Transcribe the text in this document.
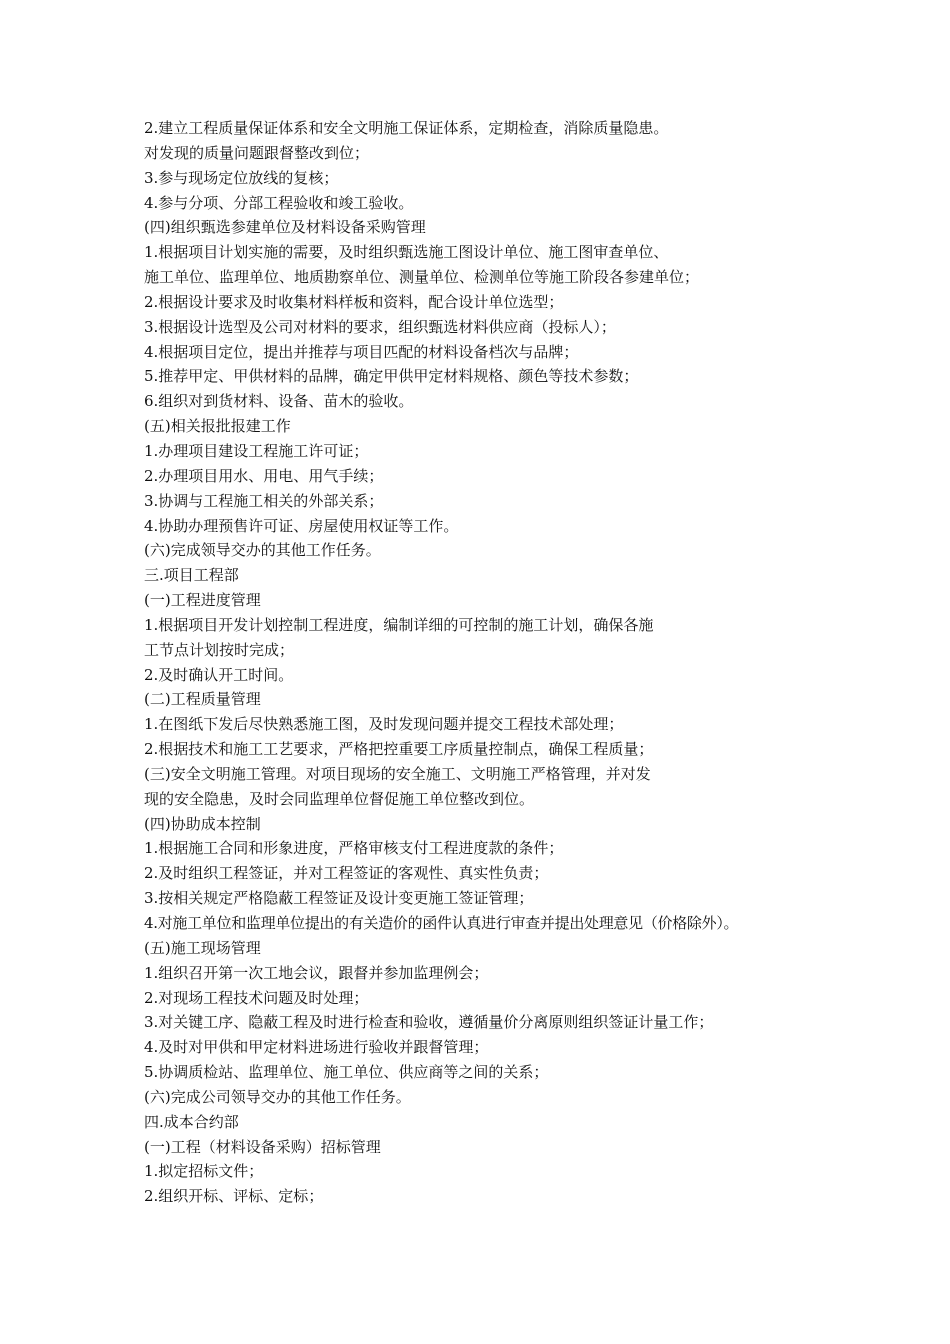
2.建立工程质量保证体系和安全文明施工保证体系，定期检查，消除质量隐患。
对发现的质量问题跟督整改到位；
3.参与现场定位放线的复核；
4.参与分项、分部工程验收和竣工验收。
(四)组织甄选参建单位及材料设备采购管理
1.根据项目计划实施的需要，及时组织甄选施工图设计单位、施工图审查单位、
施工单位、监理单位、地质勘察单位、测量单位、检测单位等施工阶段各参建单位；
2.根据设计要求及时收集材料样板和资料，配合设计单位选型；
3.根据设计选型及公司对材料的要求，组织甄选材料供应商（投标人）；
4.根据项目定位，提出并推荐与项目匹配的材料设备档次与品牌；
5.推荐甲定、甲供材料的品牌，确定甲供甲定材料规格、颜色等技术参数；
6.组织对到货材料、设备、苗木的验收。
(五)相关报批报建工作
1.办理项目建设工程施工许可证；
2.办理项目用水、用电、用气手续；
3.协调与工程施工相关的外部关系；
4.协助办理预售许可证、房屋使用权证等工作。
(六)完成领导交办的其他工作任务。
三.项目工程部
(一)工程进度管理
1.根据项目开发计划控制工程进度，编制详细的可控制的施工计划，确保各施
工节点计划按时完成；
2.及时确认开工时间。
(二)工程质量管理
1.在图纸下发后尽快熟悉施工图，及时发现问题并提交工程技术部处理；
2.根据技术和施工工艺要求，严格把控重要工序质量控制点，确保工程质量；
(三)安全文明施工管理。对项目现场的安全施工、文明施工严格管理，并对发
现的安全隐患，及时会同监理单位督促施工单位整改到位。
(四)协助成本控制
1.根据施工合同和形象进度，严格审核支付工程进度款的条件；
2.及时组织工程签证，并对工程签证的客观性、真实性负责；
3.按相关规定严格隐蔽工程签证及设计变更施工签证管理；
4.对施工单位和监理单位提出的有关造价的函件认真进行审查并提出处理意见（价格除外）。
(五)施工现场管理
1.组织召开第一次工地会议，跟督并参加监理例会；
2.对现场工程技术问题及时处理；
3.对关键工序、隐蔽工程及时进行检查和验收，遵循量价分离原则组织签证计量工作；
4.及时对甲供和甲定材料进场进行验收并跟督管理；
5.协调质检站、监理单位、施工单位、供应商等之间的关系；
(六)完成公司领导交办的其他工作任务。
四.成本合约部
(一)工程（材料设备采购）招标管理
1.拟定招标文件；
2.组织开标、评标、定标；
